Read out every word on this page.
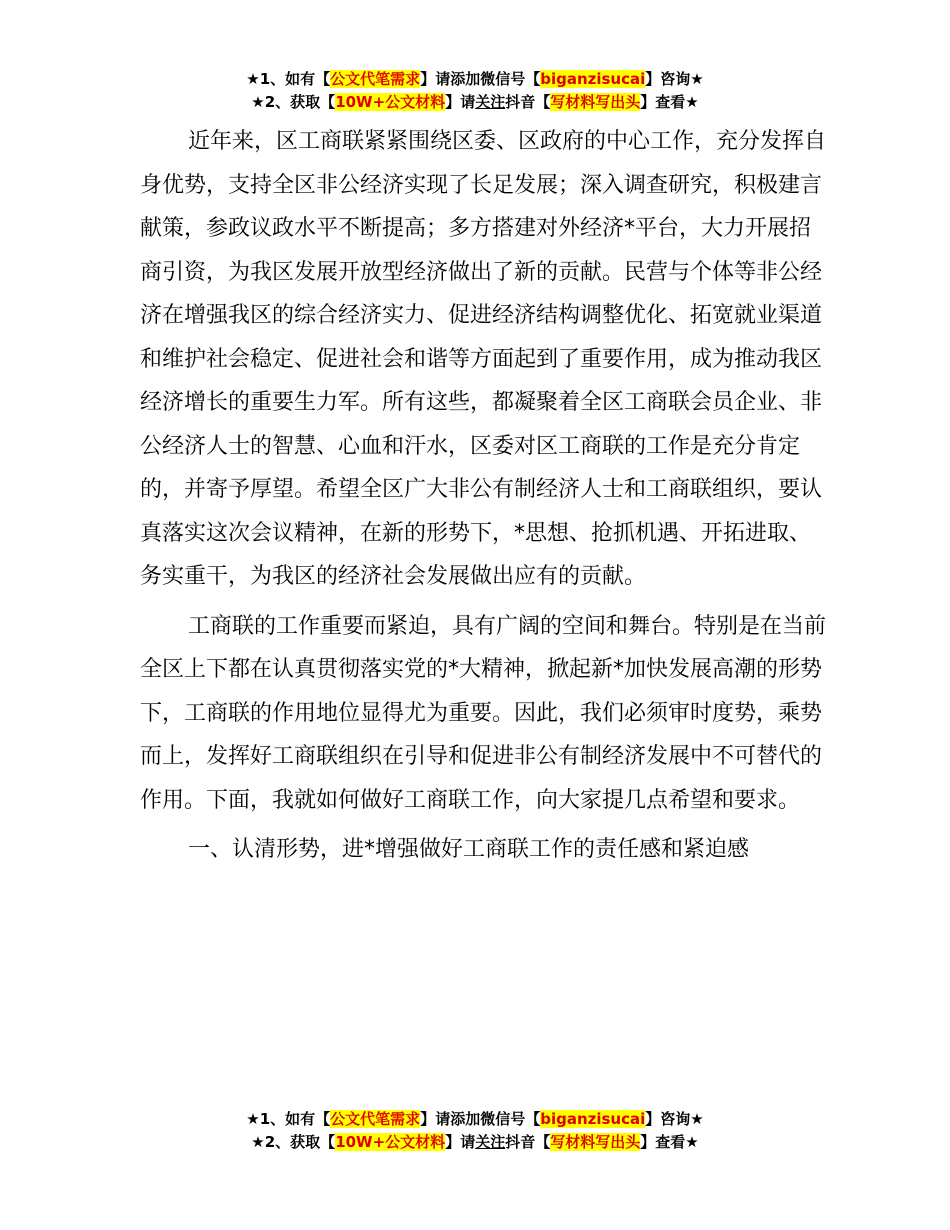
★1、如有【公文代笔需求】请添加微信号【biganzisucai】咨询★
★2、获取【10W+公文材料】请关注抖音【写材料写出头】查看★

近年来，区工商联紧紧围绕区委、区政府的中心工作，充分发挥自身优势，支持全区非公经济实现了长足发展；深入调查研究，积极建言献策，参政议政水平不断提高；多方搭建对外经济*平台，大力开展招商引资，为我区发展开放型经济做出了新的贡献。民营与个体等非公经济在增强我区的综合经济实力、促进经济结构调整优化、拓宽就业渠道和维护社会稳定、促进社会和谐等方面起到了重要作用，成为推动我区经济增长的重要生力军。所有这些，都凝聚着全区工商联会员企业、非公经济人士的智慧、心血和汗水，区委对区工商联的工作是充分肯定的，并寄予厚望。希望全区广大非公有制经济人士和工商联组织，要认真落实这次会议精神，在新的形势下，*思想、抢抓机遇、开拓进取、务实重干，为我区的经济社会发展做出应有的贡献。

工商联的工作重要而紧迫，具有广阔的空间和舞台。特别是在当前全区上下都在认真贯彻落实党的*大精神，掀起新*加快发展高潮的形势下，工商联的作用地位显得尤为重要。因此，我们必须审时度势，乘势而上，发挥好工商联组织在引导和促进非公有制经济发展中不可替代的作用。下面，我就如何做好工商联工作，向大家提几点希望和要求。

一、认清形势，进*增强做好工商联工作的责任感和紧迫感

★1、如有【公文代笔需求】请添加微信号【biganzisucai】咨询★
★2、获取【10W+公文材料】请关注抖音【写材料写出头】查看★
